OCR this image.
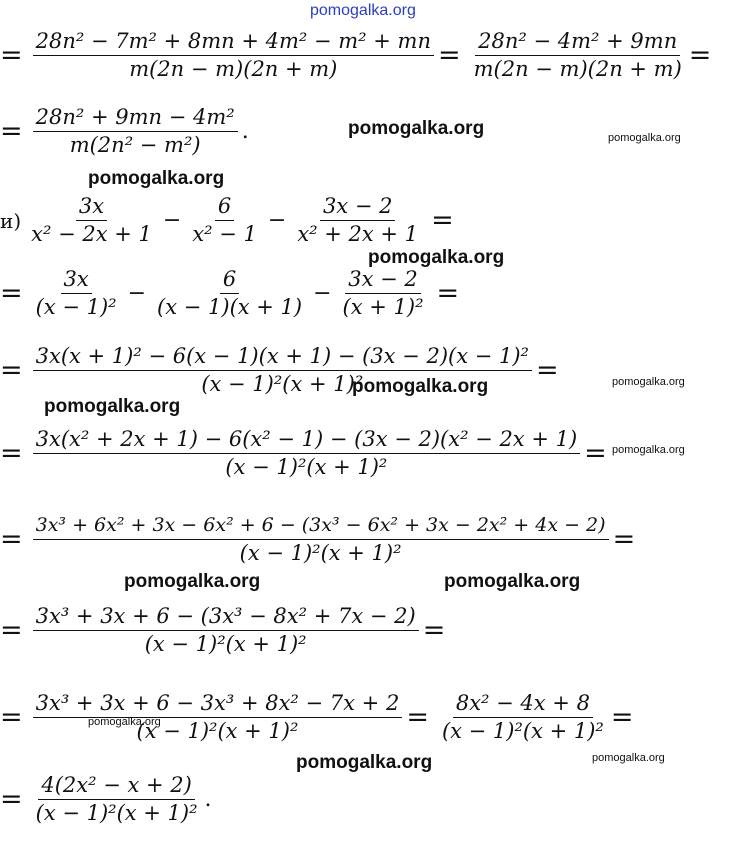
pomogalka.org
= $\frac{\text{28n² − 7m² + 8mn + 4m² − m² + mn}}{m(2n - m)(2n + m)} = \frac{\text{28n² − 4m² + 9mn}}{m(2n - m)(2n + m)}$ =
= $\frac{\text{28n² + 9mn − 4m²}}{\text{m(2n² − m²)}}$ .
$и) \frac{3x}{\text{x² − 2x + 1}} - \frac{6}{\text{x² − 1}} - \frac{3x - 2}{\text{x² + 2x + 1}}$ =
= $\frac{3x}{\text{(x − 1)²}} - \frac{6}{(x - 1)(x + 1)} - \frac{3x - 2}{\text{(x + 1)²}}$ =
= $\frac{\text{3x(x + 1)² − 6(x − 1)(x + 1) − (3x − 2)(x − 1)²}}{\text{(x − 1)²(x + 1)²}}$ =
= $\frac{\text{3x(x² + 2x + 1) − 6(x² − 1) − (3x − 2)(x² − 2x + 1)}}{\text{(x − 1)²(x + 1)²}}$ =
= $\frac{\text{3x³ + 6x² + 3x − 6x² + 6 − (3x³ − 6x² + 3x − 2x² + 4x − 2)}}{\text{(x − 1)²(x + 1)²}}$ =
= $\frac{\text{3x³ + 3x + 6 − (3x³ − 8x² + 7x − 2)}}{\text{(x − 1)²(x + 1)²}}$ =
= $\frac{\text{3x³ + 3x + 6 − 3x³ + 8x² − 7x + 2}}{\text{(x − 1)²(x + 1)²}} = \frac{\text{8x² − 4x + 8}}{\text{(x − 1)²(x + 1)²}}$ =
= $\frac{\text{4(2x² − x + 2)}}{\text{(x − 1)²(x + 1)²}}$ .
pomogalka.org	pomogalka.org
pomogalka.org
pomogalka.org
pomogalka.org	pomogalka.org
pomogalka.org
pomogalka.org
pomogalka.org	pomogalka.org
pomogalka.org
pomogalka.org	pomogalka.org
